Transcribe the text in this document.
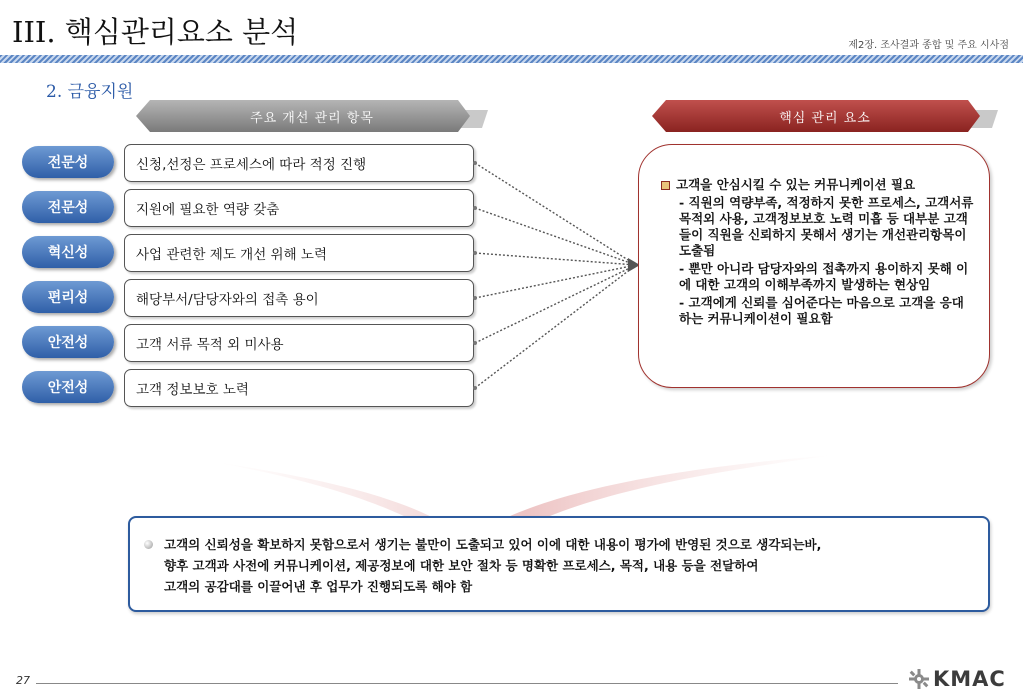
III. 핵심관리요소 분석	제2장. 조사결과 종합 및 주요 시사점
2. 금융지원
주요 개선 관리 항목	핵심 관리 요소
전문성
전문성
혁신성
편리성
안전성
안전성
신청,선정은 프로세스에 따라 적정 진행
지원에 필요한 역량 갖춤
사업 관련한 제도 개선 위해 노력
해당부서/담당자와의 접촉 용이
고객 서류 목적 외 미사용
고객 정보보호 노력
고객을 안심시킬 수 있는 커뮤니케이션 필요
- 직원의 역량부족, 적정하지 못한 프로세스, 고객서류 목적외 사용, 고객정보보호 노력 미흡 등 대부분 고객들이 직원을 신뢰하지 못해서 생기는 개선관리항목이 도출됨
- 뿐만 아니라 담당자와의 접촉까지 용이하지 못해 이에 대한 고객의 이해부족까지 발생하는 현상임
- 고객에게 신뢰를 심어준다는 마음으로 고객을 응대하는 커뮤니케이션이 필요함
고객의 신뢰성을 확보하지 못함으로서 생기는 불만이 도출되고 있어 이에 대한 내용이 평가에 반영된 것으로 생각되는바,
향후 고객과 사전에 커뮤니케이션, 제공정보에 대한 보안 절차 등 명확한 프로세스, 목적, 내용 등을 전달하여
고객의 공감대를 이끌어낸 후 업무가 진행되도록 해야 함
27	KMAC
